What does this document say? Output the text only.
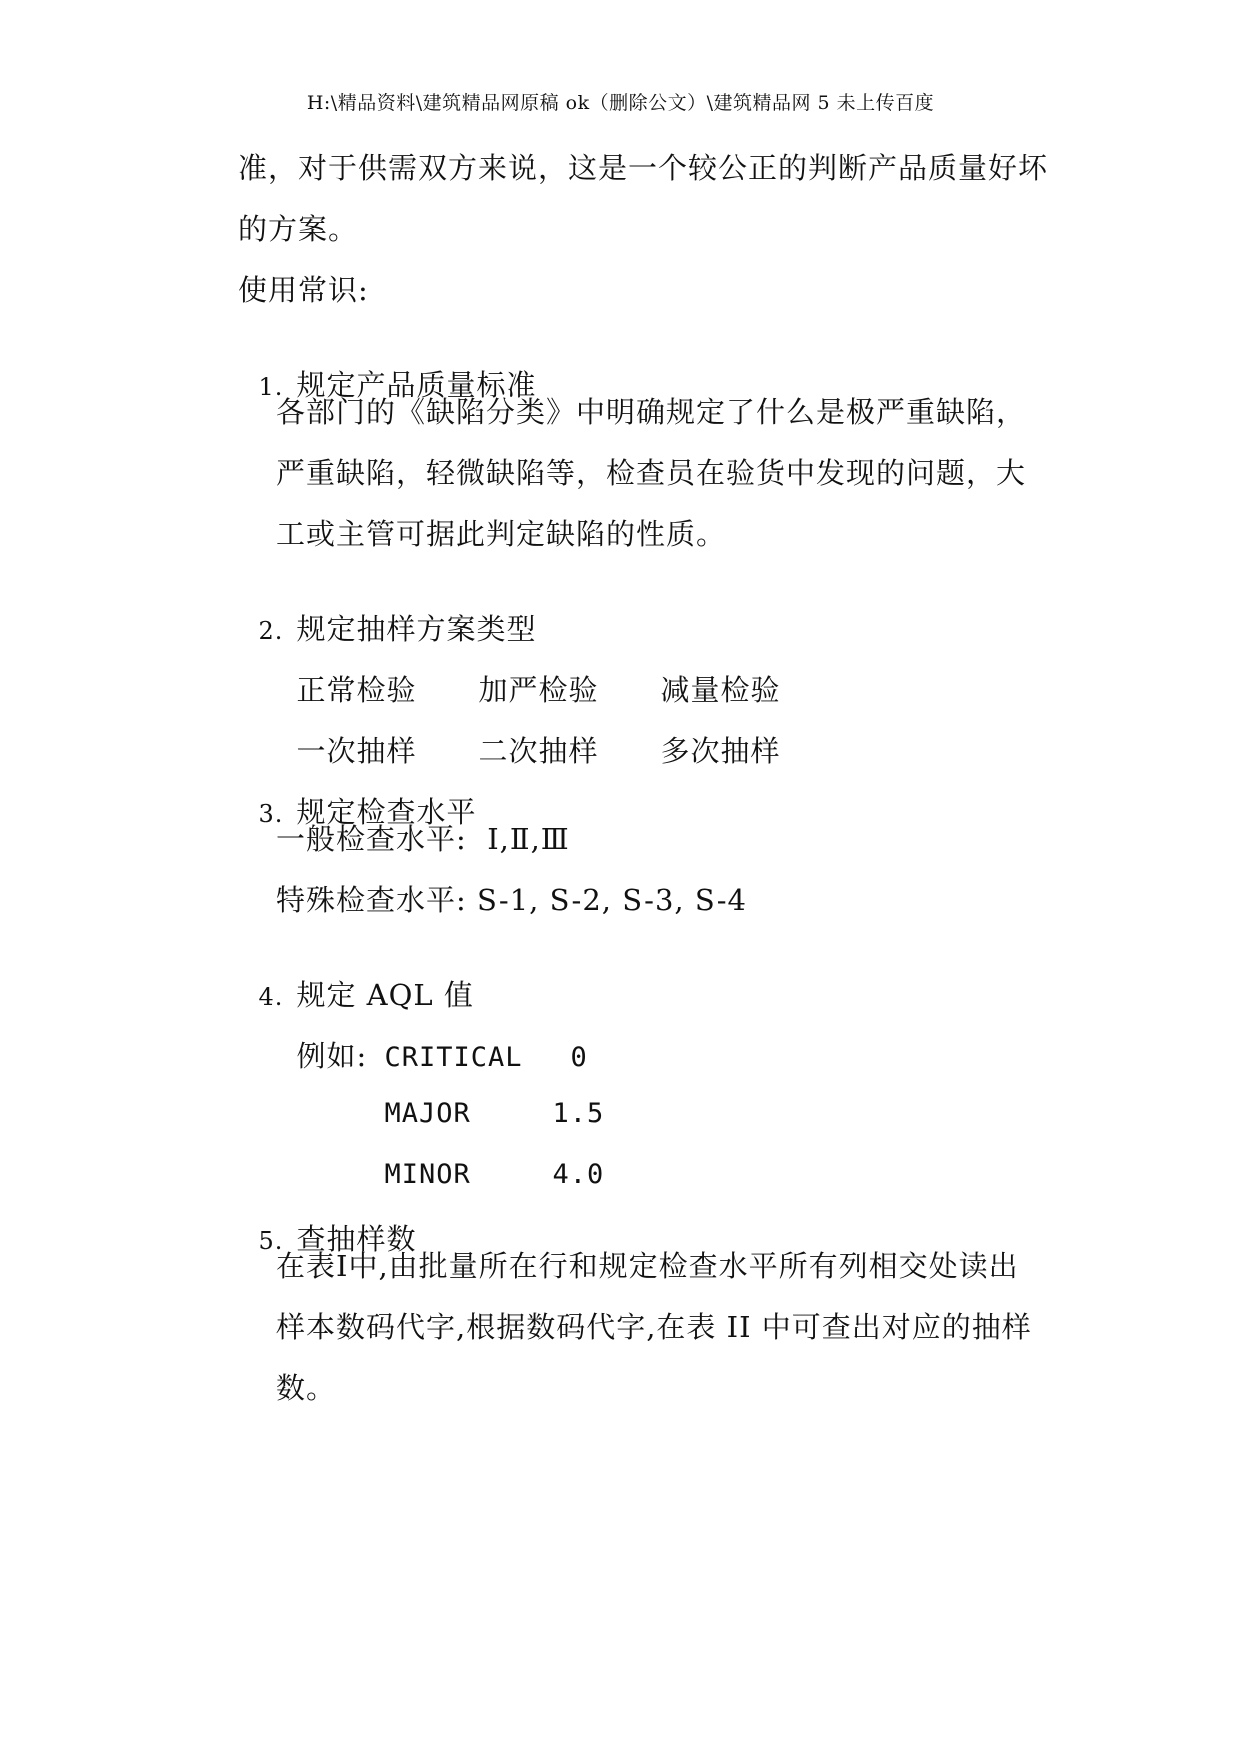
H:\精品资料\建筑精品网原稿 ok（删除公文）\建筑精品网 5 未上传百度
准，对于供需双方来说，这是一个较公正的判断产品质量好坏
的方案。
使用常识:

1. 规定产品质量标准

各部门的《缺陷分类》中明确规定了什么是极严重缺陷，
严重缺陷，轻微缺陷等，检查员在验货中发现的问题，大
工或主管可据此判定缺陷的性质。

2. 规定抽样方案类型

正常检验 加严检验 减量检验

一次抽样 二次抽样 多次抽样

3. 规定检查水平

一般检查水平:  Ⅰ,Ⅱ,Ⅲ
特殊检查水平: S-1, S-2, S-3, S-4

4. 规定 AQL 值

例如: CRITICAL 0

MAJOR	1.5

MINOR	4.0

5. 查抽样数

在表Ⅰ中,由批量所在行和规定检查水平所有列相交处读出
样本数码代字,根据数码代字,在表 II 中可查出对应的抽样
数。
